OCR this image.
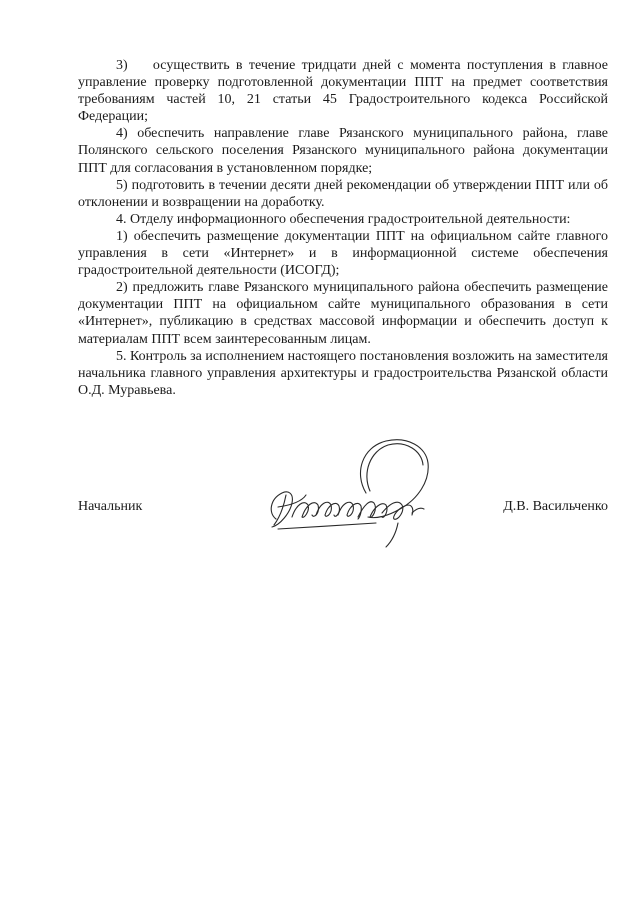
3)    осуществить в течение тридцати дней с момента поступления в главное управление проверку подготовленной документации ППТ на предмет соответствия требованиям частей 10, 21 статьи 45 Градостроительного кодекса Российской Федерации;

4) обеспечить направление главе Рязанского муниципального района, главе Полянского сельского поселения Рязанского муниципального района документации ППТ для согласования в установленном порядке;

5) подготовить в течении десяти дней рекомендации об утверждении ППТ или об отклонении и возвращении на доработку.

4. Отделу информационного обеспечения градостроительной деятельности:

1) обеспечить размещение документации ППТ на официальном сайте главного управления в сети «Интернет» и в информационной системе обеспечения градостроительной деятельности (ИСОГД);

2) предложить главе Рязанского муниципального района обеспечить размещение документации ППТ на официальном сайте муниципального образования в сети «Интернет», публикацию в средствах массовой информации и обеспечить доступ к материалам ППТ всем заинтересованным лицам.

5. Контроль за исполнением настоящего постановления возложить на заместителя начальника главного управления архитектуры и градостроительства Рязанской области О.Д. Муравьева.

Начальник	Д.В. Васильченко
